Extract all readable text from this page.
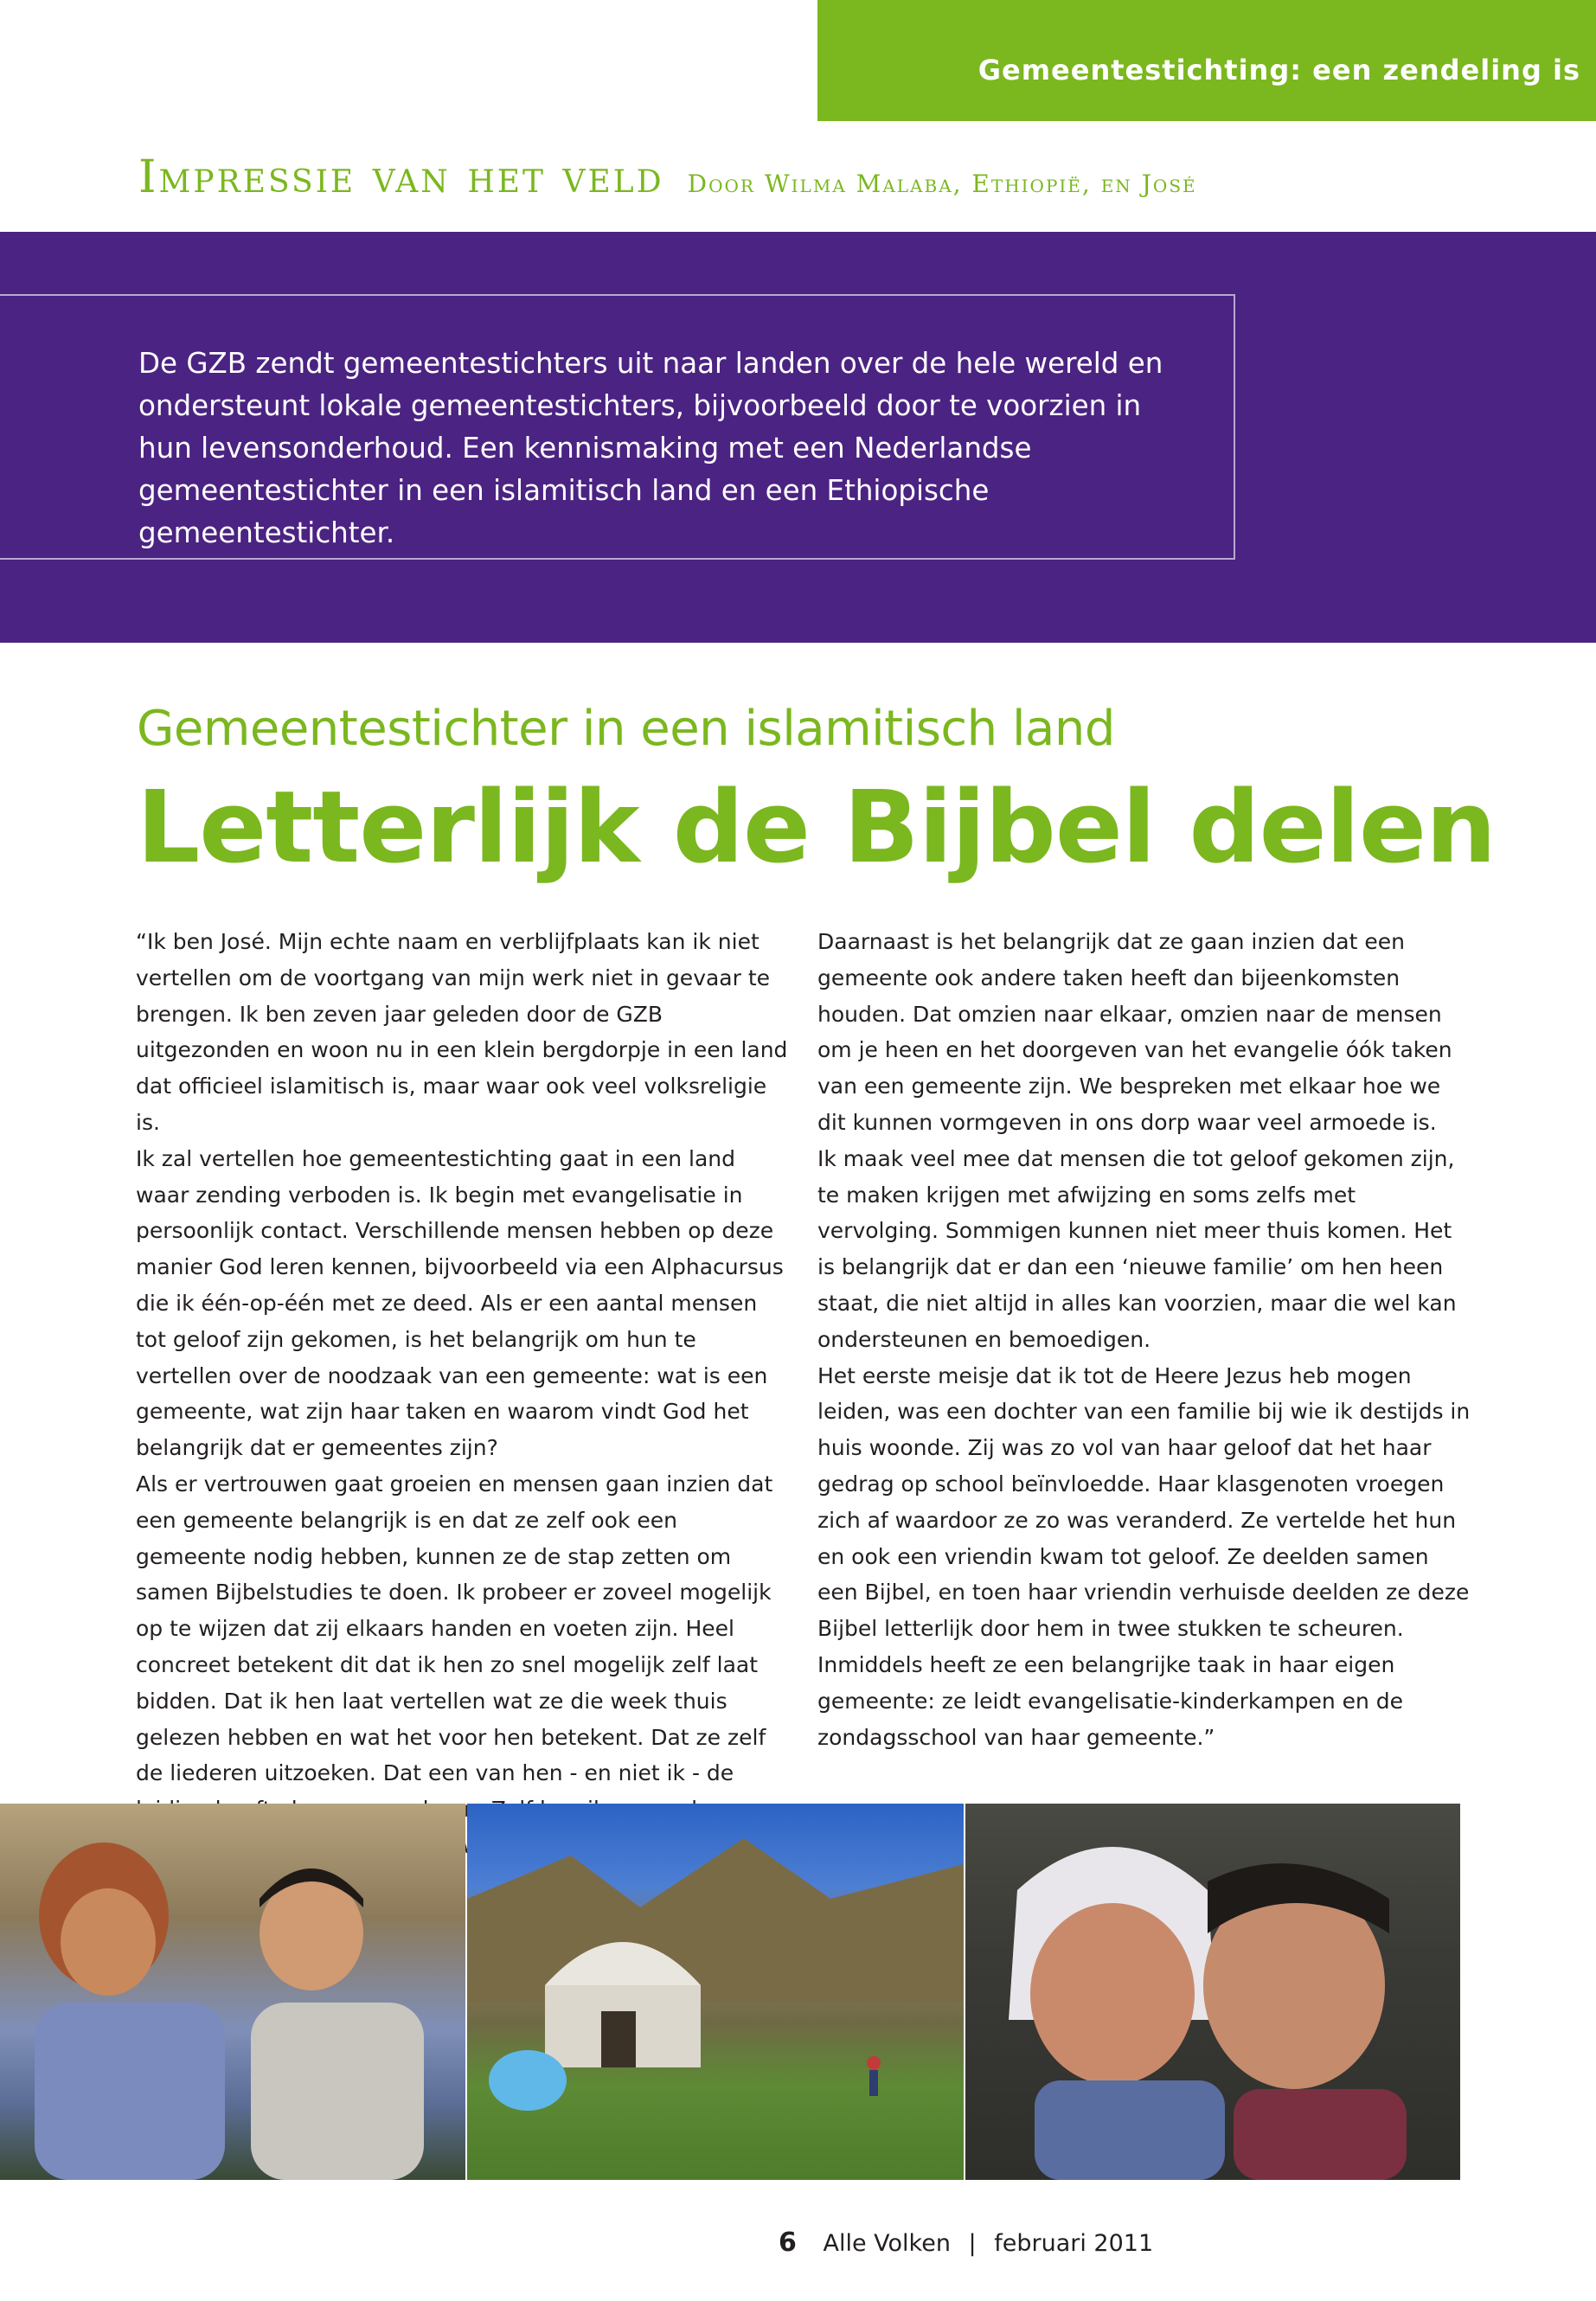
Gemeentestichting: een zendeling is
Impressie van het veld Door Wilma Malaba, Ethiopië, en José

De GZB zendt gemeentestichters uit naar landen over de hele wereld en ondersteunt lokale gemeentestichters, bijvoorbeeld door te voorzien in hun levensonderhoud. Een kennismaking met een Nederlandse gemeentestichter in een islamitisch land en een Ethiopische gemeentestichter.

Gemeentestichter in een islamitisch land
Letterlijk de Bijbel delen

“Ik ben José. Mijn echte naam en verblijfplaats kan ik niet vertellen om de voortgang van mijn werk niet in gevaar te brengen. Ik ben zeven jaar geleden door de GZB uitgezonden en woon nu in een klein bergdorpje in een land dat officieel islamitisch is, maar waar ook veel volksreligie is.

Ik zal vertellen hoe gemeentestichting gaat in een land waar zending verboden is. Ik begin met evangelisatie in persoonlijk contact. Verschillende mensen hebben op deze manier God leren kennen, bijvoorbeeld via een Alphacursus die ik één-op-één met ze deed. Als er een aantal mensen tot geloof zijn gekomen, is het belangrijk om hun te vertellen over de noodzaak van een gemeente: wat is een gemeente, wat zijn haar taken en waarom vindt God het belangrijk dat er gemeentes zijn?

Als er vertrouwen gaat groeien en mensen gaan inzien dat een gemeente belangrijk is en dat ze zelf ook een gemeente nodig hebben, kunnen ze de stap zetten om samen Bijbelstudies te doen. Ik probeer er zoveel mogelijk op te wijzen dat zij elkaars handen en voeten zijn. Heel concreet betekent dit dat ik hen zo snel mogelijk zelf laat bidden. Dat ik hen laat vertellen wat ze die week thuis gelezen hebben en wat het voor hen betekent. Dat ze zelf de liederen uitzoeken. Dat een van hen - en niet ik - de

Daarnaast is het belangrijk dat ze gaan inzien dat een gemeente ook andere taken heeft dan bijeenkomsten houden. Dat omzien naar elkaar, omzien naar de mensen om je heen en het doorgeven van het evangelie óók taken van een gemeente zijn. We bespreken met elkaar hoe we dit kunnen vormgeven in ons dorp waar veel armoede is.

Ik maak veel mee dat mensen die tot geloof gekomen zijn, te maken krijgen met afwijzing en soms zelfs met vervolging. Sommigen kunnen niet meer thuis komen. Het is belangrijk dat er dan een ‘nieuwe familie’ om hen heen staat, die niet altijd in alles kan voorzien, maar die wel kan ondersteunen en bemoedigen.

Het eerste meisje dat ik tot de Heere Jezus heb mogen leiden, was een dochter van een familie bij wie ik destijds in huis woonde. Zij was zo vol van haar geloof dat het haar gedrag op school beïnvloedde. Haar klasgenoten vroegen zich af waardoor ze zo was veranderd. Ze vertelde het hun en ook een vriendin kwam tot geloof. Ze deelden samen een Bijbel, en toen haar vriendin verhuisde deelden ze deze Bijbel letterlijk door hem in twee stukken te scheuren. Inmiddels heeft ze een belangrijke taak in haar eigen gemeente: ze leidt evangelisatie-kinderkampen en de zondagsschool van haar gemeente.”

6 Alle Volken | februari 2011
